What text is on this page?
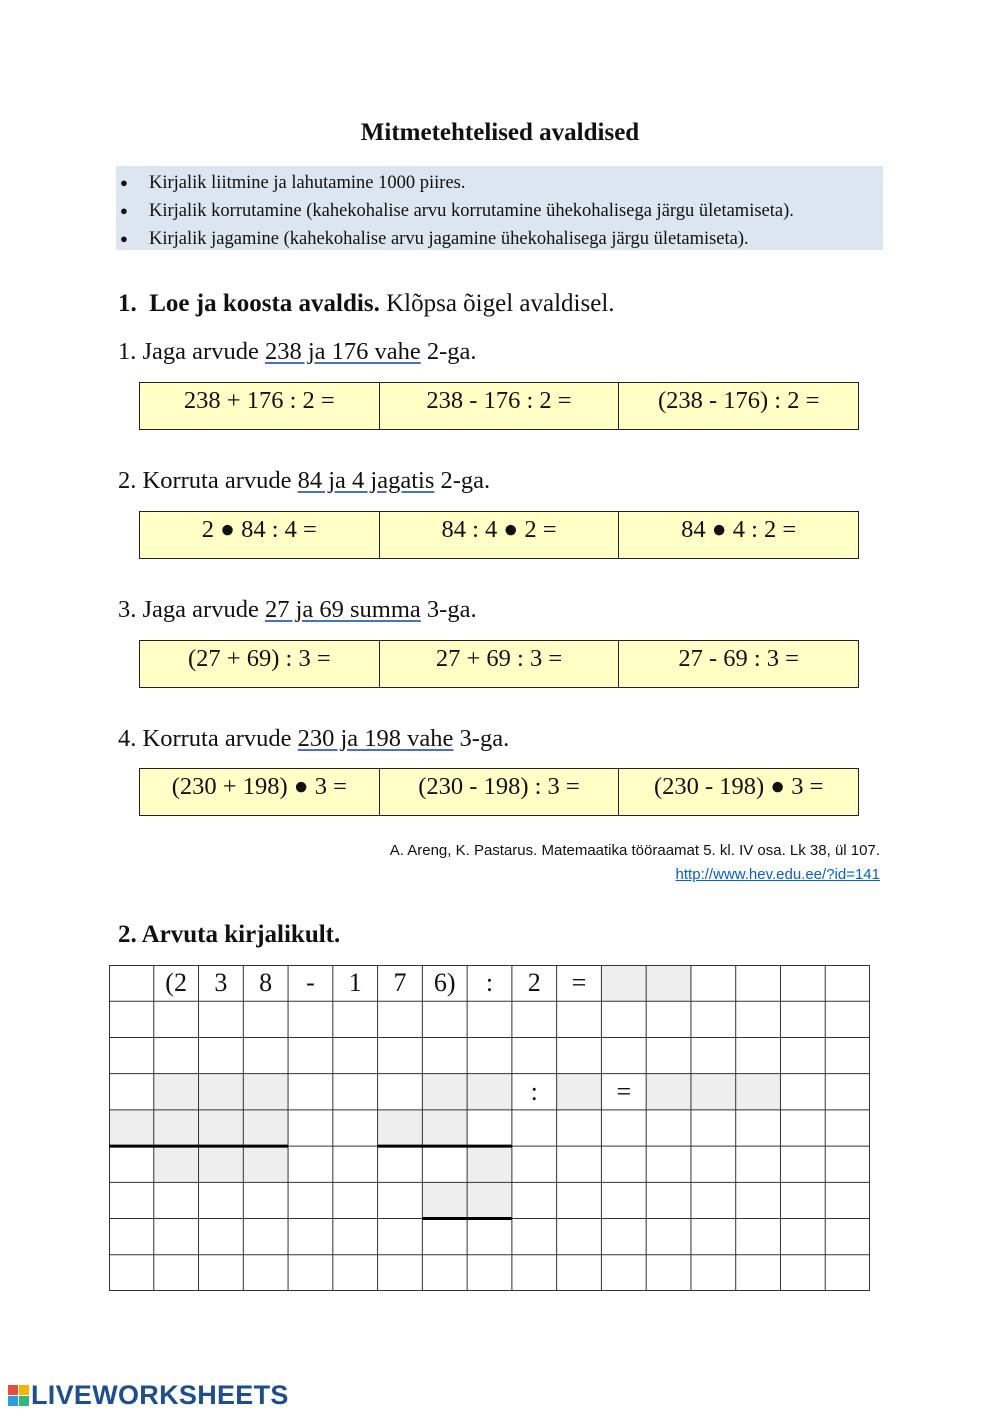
Mitmetehtelised avaldised
● Kirjalik liitmine ja lahutamine 1000 piires.
● Kirjalik korrutamine (kahekohalise arvu korrutamine ühekohalisega järgu ületamiseta).
● Kirjalik jagamine (kahekohalise arvu jagamine ühekohalisega järgu ületamiseta).
1. Loe ja koosta avaldis. Klõpsa õigel avaldisel.
1. Jaga arvude 238 ja 176 vahe 2-ga.
238 + 176 : 2 =	238 - 176 : 2 =	(238 - 176) : 2 =
2. Korruta arvude 84 ja 4 jagatis 2-ga.
2 ● 84 : 4 =	84 : 4 ● 2 =	84 ● 4 : 2 =
3. Jaga arvude 27 ja 69 summa 3-ga.
(27 + 69) : 3 =	27 + 69 : 3 =	27 - 69 : 3 =
4. Korruta arvude 230 ja 198 vahe 3-ga.
(230 + 198) ● 3 =	(230 - 198) : 3 =	(230 - 198) ● 3 =
A. Areng, K. Pastarus. Matemaatika tööraamat 5. kl. IV osa. Lk 38, ül 107.
http://www.hev.edu.ee/?id=141
2. Arvuta kirjalikult.
(2	3	8	-	1	7	6)	:	2	=
:	=
LIVEWORKSHEETS
